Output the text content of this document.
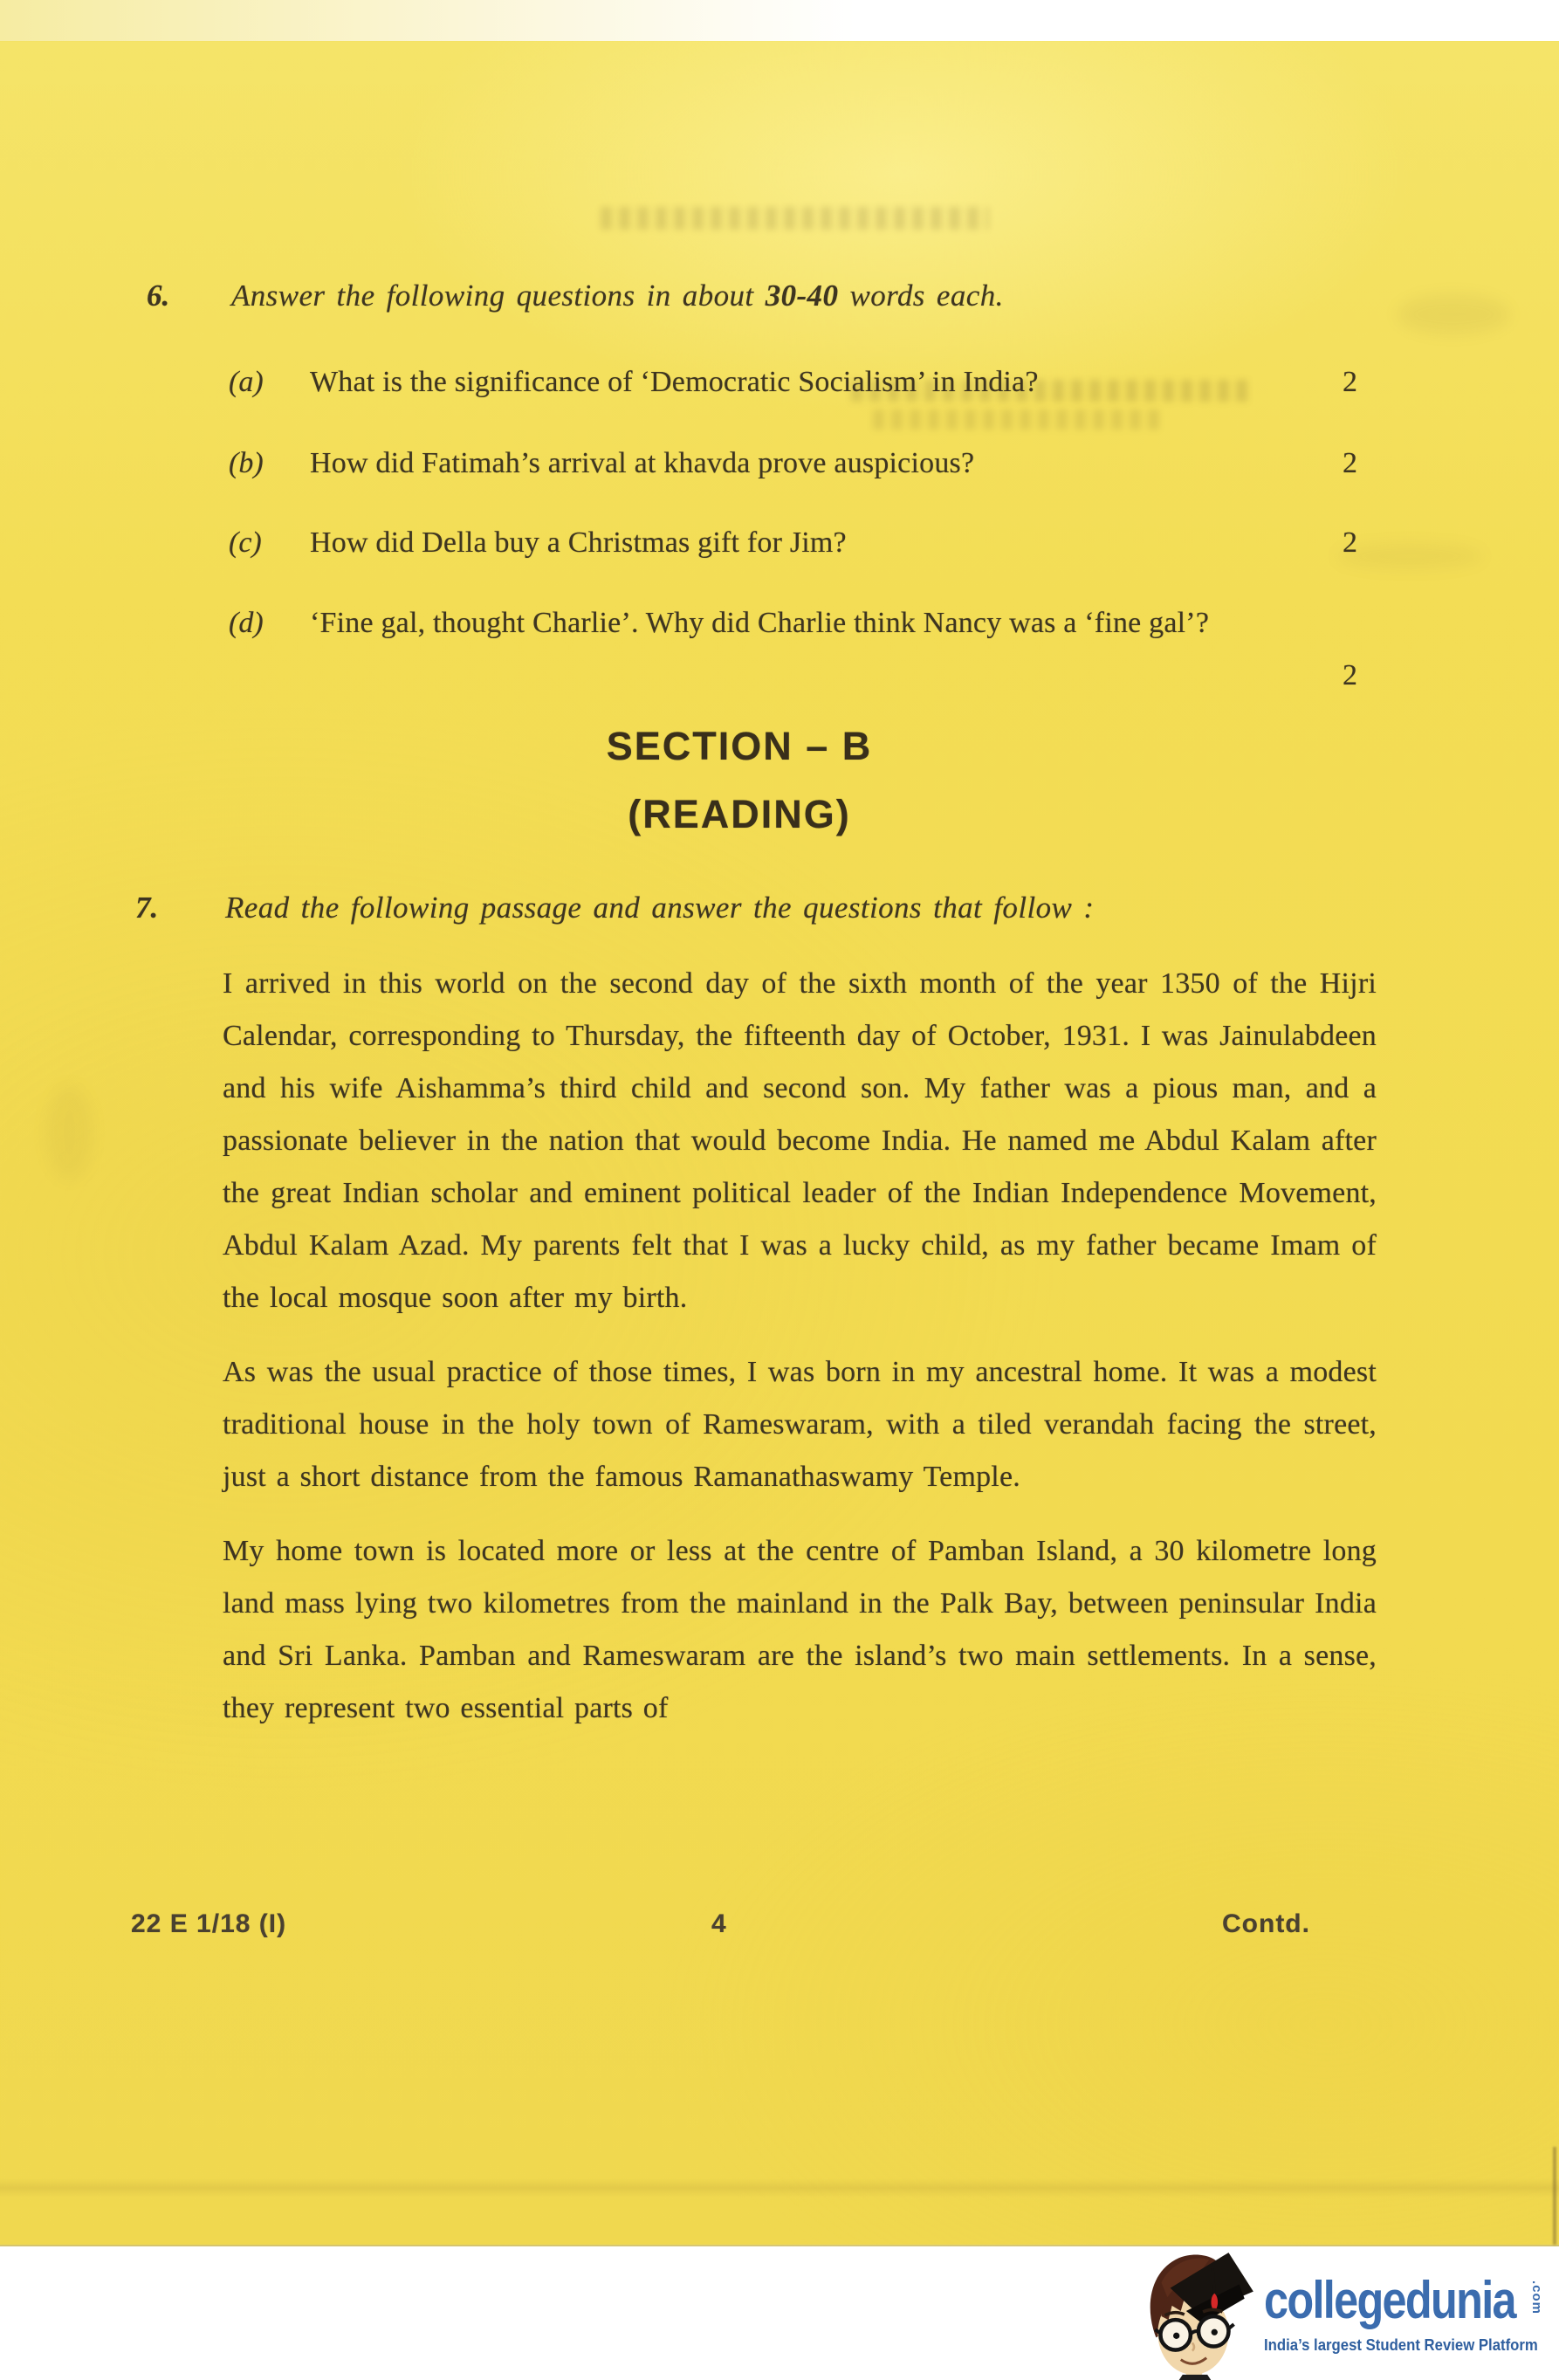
6. Answer the following questions in about 30-40 words each.
(a) What is the significance of ‘Democratic Socialism’ in India?	2
(b) How did Fatimah’s arrival at khavda prove auspicious?	2
(c) How did Della buy a Christmas gift for Jim?	2
(d) ‘Fine gal, thought Charlie’. Why did Charlie think Nancy was a ‘fine gal’?
2
SECTION – B
(READING)
7. Read the following passage and answer the questions that follow :

I arrived in this world on the second day of the sixth month of the year 1350 of the Hijri Calendar, corresponding to Thursday, the fifteenth day of October, 1931. I was Jainulabdeen and his wife Aishamma’s third child and second son. My father was a pious man, and a passionate believer in the nation that would become India. He named me Abdul Kalam after the great Indian scholar and eminent political leader of the Indian Independence Movement, Abdul Kalam Azad. My parents felt that I was a lucky child, as my father became Imam of the local mosque soon after my birth.

As was the usual practice of those times, I was born in my ancestral home. It was a modest traditional house in the holy town of Rameswaram, with a tiled verandah facing the street, just a short distance from the famous Ramanathaswamy Temple.

My home town is located more or less at the centre of Pamban Island, a 30 kilometre long land mass lying two kilometres from the mainland in the Palk Bay, between peninsular India and Sri Lanka. Pamban and Rameswaram are the island’s two main settlements. In a sense, they represent two essential parts of

22 E 1/18 (I)	4	Contd.
collegedunia .com
India’s largest Student Review Platform
